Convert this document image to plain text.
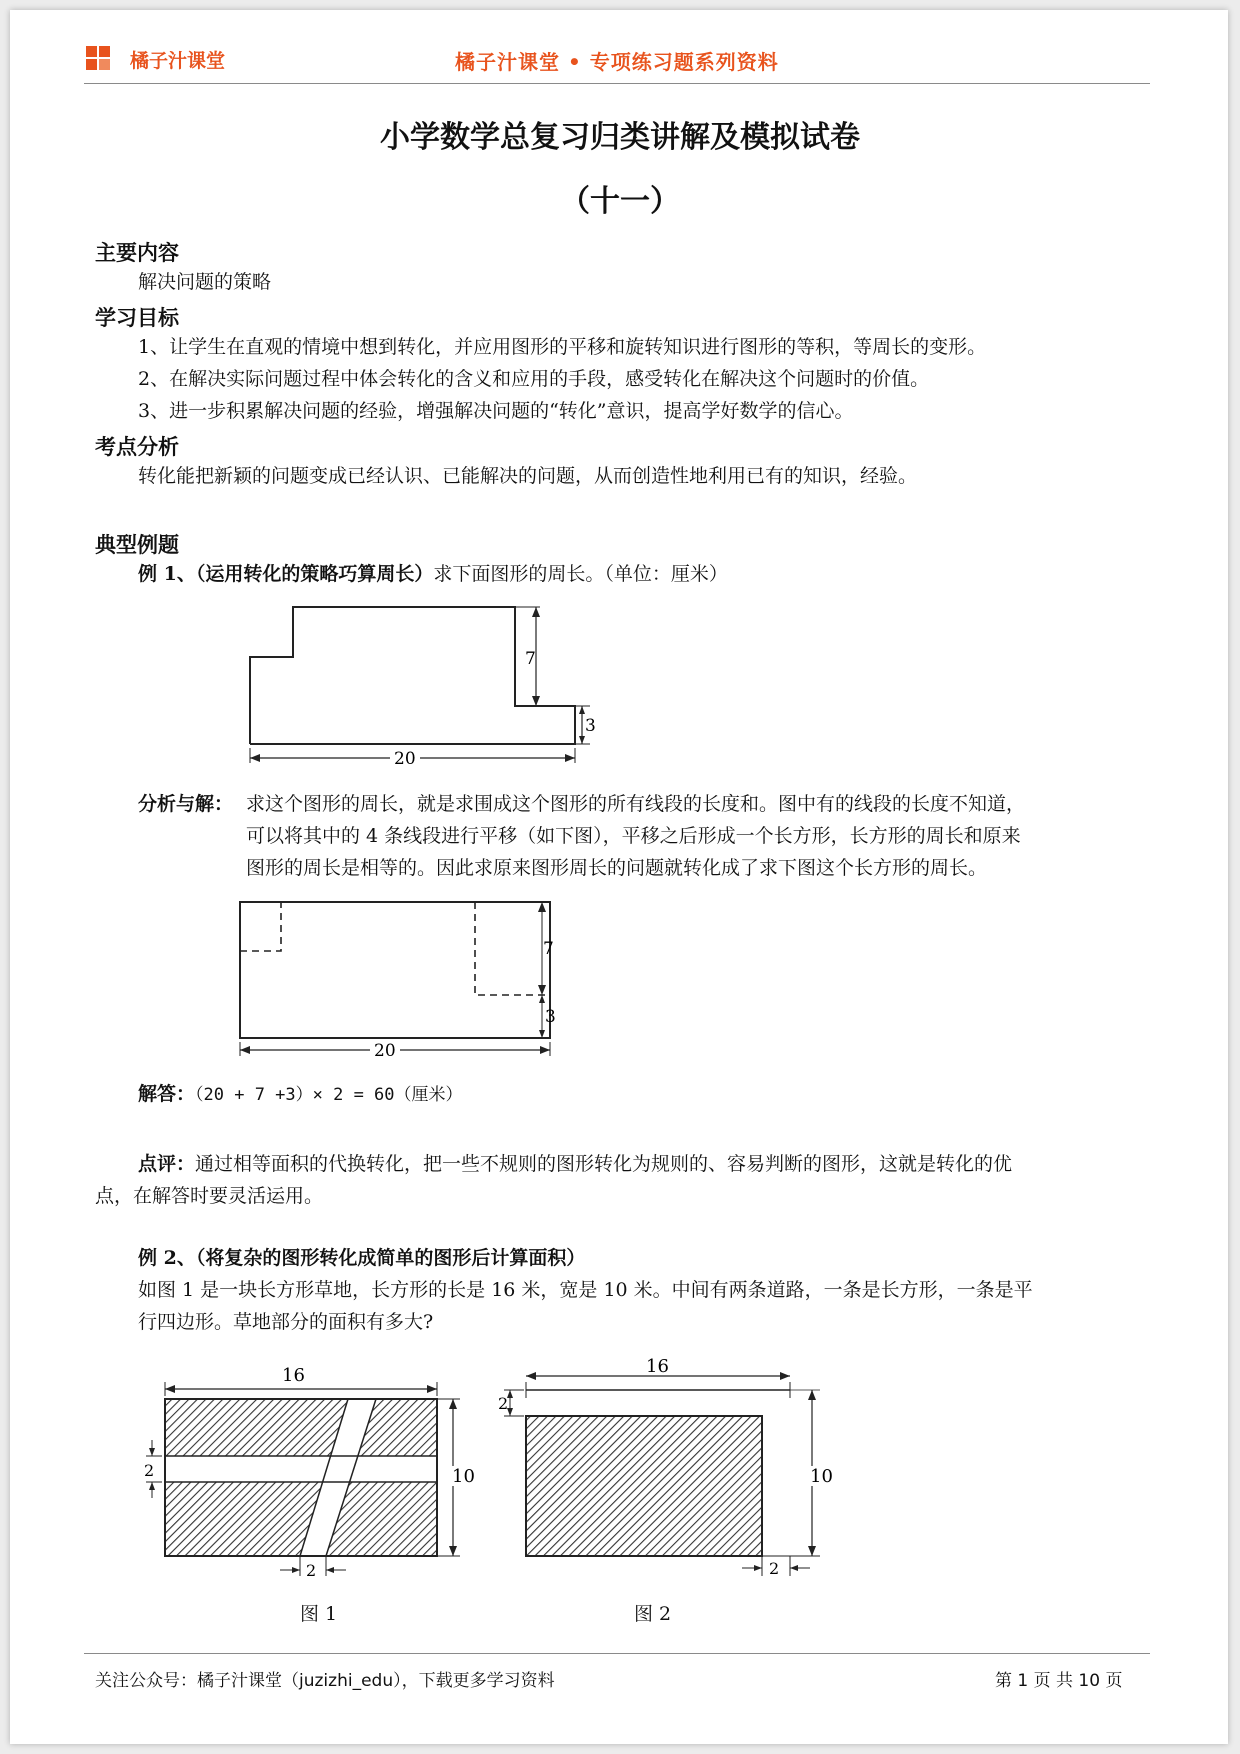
橘子汁课堂	橘子汁课堂 • 专项练习题系列资料
小学数学总复习归类讲解及模拟试卷
（十一）
主要内容
解决问题的策略
学习目标
1、让学生在直观的情境中想到转化，并应用图形的平移和旋转知识进行图形的等积，等周长的变形。
2、在解决实际问题过程中体会转化的含义和应用的手段，感受转化在解决这个问题时的价值。
3、进一步积累解决问题的经验，增强解决问题的“转化”意识，提高学好数学的信心。
考点分析
转化能把新颖的问题变成已经认识、已能解决的问题，从而创造性地利用已有的知识，经验。
典型例题
例 1、（运用转化的策略巧算周长）求下面图形的周长。（单位：厘米）
7
3
20
分析与解： 求这个图形的周长，就是求围成这个图形的所有线段的长度和。图中有的线段的长度不知道，
可以将其中的 4 条线段进行平移（如下图），平移之后形成一个长方形，长方形的周长和原来
图形的周长是相等的。因此求原来图形周长的问题就转化成了求下图这个长方形的周长。
7
3
20
解答：（20 + 7 +3）× 2 = 60（厘米）
点评：通过相等面积的代换转化，把一些不规则的图形转化为规则的、容易判断的图形，这就是转化的优
点，在解答时要灵活运用。
例 2、（将复杂的图形转化成简单的图形后计算面积）
如图 1 是一块长方形草地，长方形的长是 16 米，宽是 10 米。中间有两条道路，一条是长方形，一条是平
行四边形。草地部分的面积有多大?
16
10
2
2
16
2
10
2
图 1	图 2
关注公众号：橘子汁课堂（juzizhi_edu），下载更多学习资料	第 1 页 共 10 页
